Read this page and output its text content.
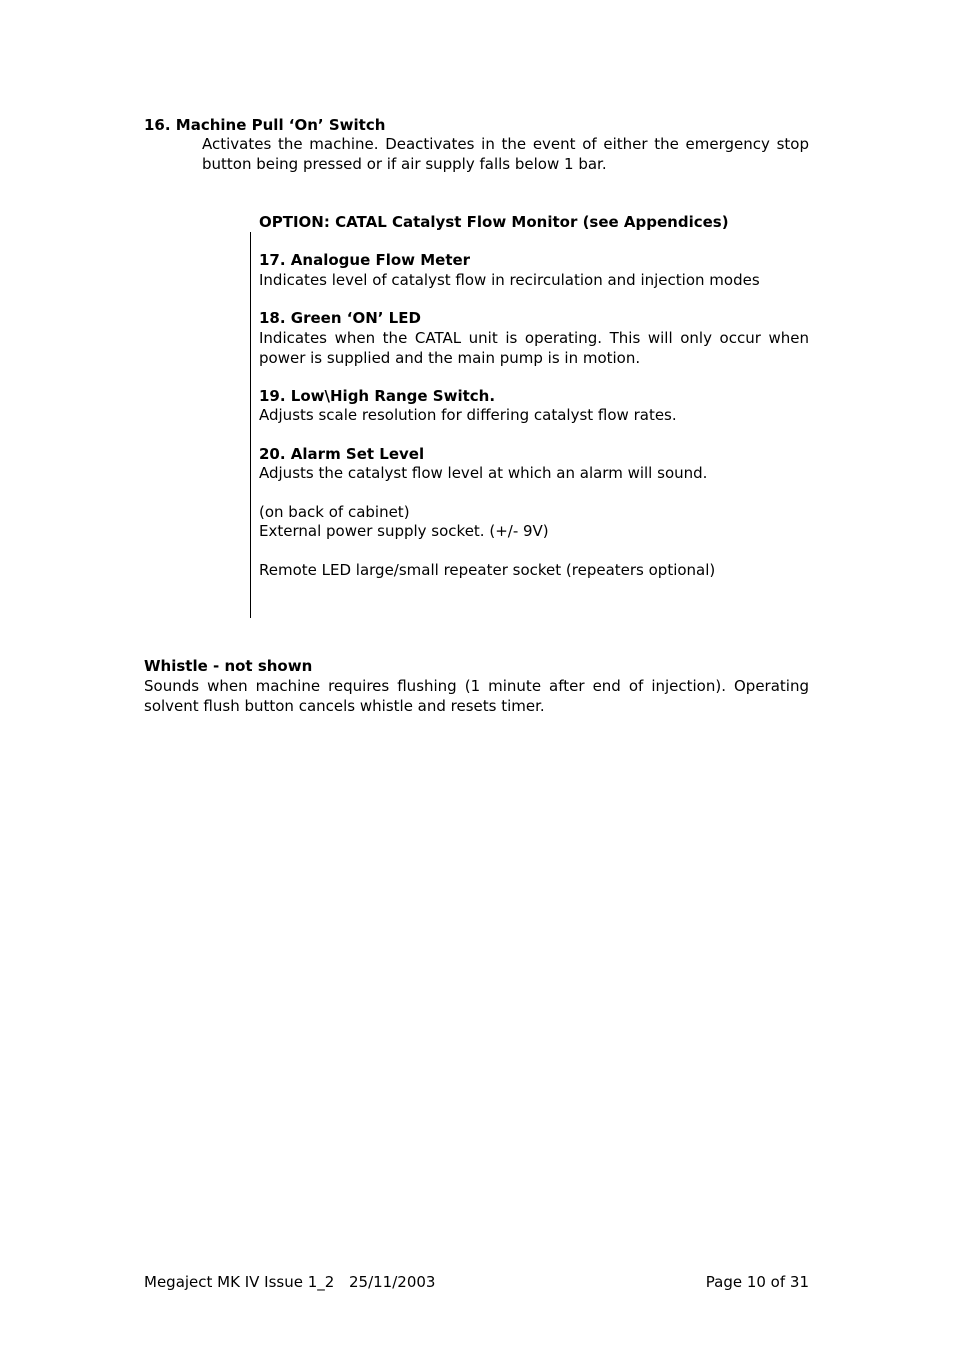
16. Machine Pull ‘On’ Switch

Activates the machine. Deactivates in the event of either the emergency stop button being pressed or if air supply falls below 1 bar.

OPTION: CATAL Catalyst Flow Monitor (see Appendices)

17. Analogue Flow Meter

Indicates level of catalyst flow in recirculation and injection modes

18. Green ‘ON’ LED

Indicates when the CATAL unit is operating. This will only occur when power is supplied and the main pump is in motion.

19. Low\High Range Switch.

Adjusts scale resolution for differing catalyst flow rates.

20. Alarm Set Level

Adjusts the catalyst flow level at which an alarm will sound.

(on back of cabinet)

External power supply socket. (+/- 9V)

Remote LED large/small repeater socket (repeaters optional)

Whistle - not shown

Sounds when machine requires flushing (1 minute after end of injection). Operating solvent flush button cancels whistle and resets timer.

Megaject MK IV Issue 1_2 25/11/2003	Page 10 of 31
